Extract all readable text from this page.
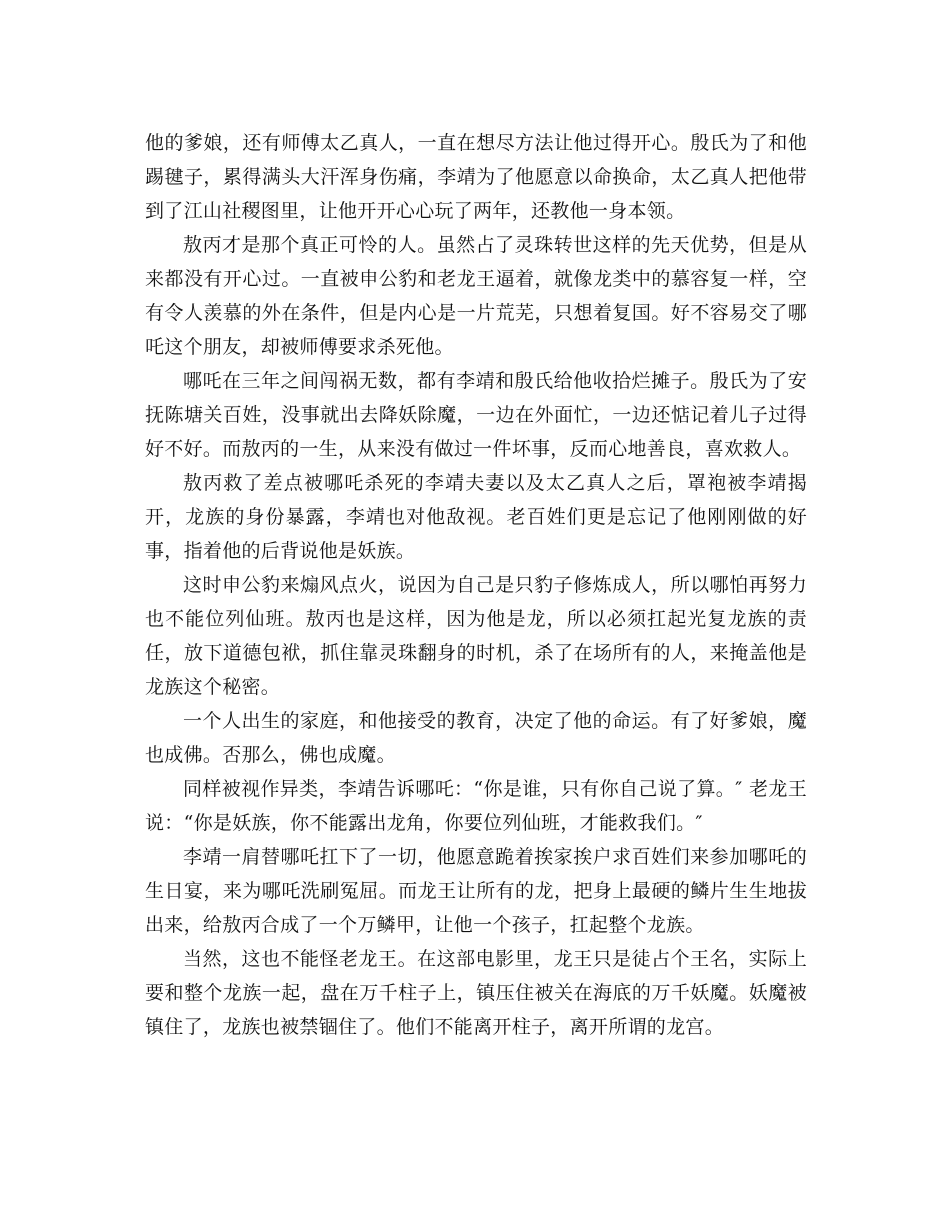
他的爹娘，还有师傅太乙真人，一直在想尽方法让他过得开心。殷氏为了和他踢毽子，累得满头大汗浑身伤痛，李靖为了他愿意以命换命，太乙真人把他带到了江山社稷图里，让他开开心心玩了两年，还教他一身本领。

敖丙才是那个真正可怜的人。虽然占了灵珠转世这样的先天优势，但是从来都没有开心过。一直被申公豹和老龙王逼着，就像龙类中的慕容复一样，空有令人羡慕的外在条件，但是内心是一片荒芜，只想着复国。好不容易交了哪吒这个朋友，却被师傅要求杀死他。

哪吒在三年之间闯祸无数，都有李靖和殷氏给他收拾烂摊子。殷氏为了安抚陈塘关百姓，没事就出去降妖除魔，一边在外面忙，一边还惦记着儿子过得好不好。而敖丙的一生，从来没有做过一件坏事，反而心地善良，喜欢救人。

敖丙救了差点被哪吒杀死的李靖夫妻以及太乙真人之后，罩袍被李靖揭开，龙族的身份暴露，李靖也对他敌视。老百姓们更是忘记了他刚刚做的好事，指着他的后背说他是妖族。

这时申公豹来煽风点火，说因为自己是只豹子修炼成人，所以哪怕再努力也不能位列仙班。敖丙也是这样，因为他是龙，所以必须扛起光复龙族的责任，放下道德包袱，抓住靠灵珠翻身的时机，杀了在场所有的人，来掩盖他是龙族这个秘密。

一个人出生的家庭，和他接受的教育，决定了他的命运。有了好爹娘，魔也成佛。否那么，佛也成魔。

同样被视作异类，李靖告诉哪吒：“你是谁，只有你自己说了算。″ 老龙王说：“你是妖族，你不能露出龙角，你要位列仙班，才能救我们。″

李靖一肩替哪吒扛下了一切，他愿意跪着挨家挨户求百姓们来参加哪吒的生日宴，来为哪吒洗刷冤屈。而龙王让所有的龙，把身上最硬的鳞片生生地拔出来，给敖丙合成了一个万鳞甲，让他一个孩子，扛起整个龙族。

当然，这也不能怪老龙王。在这部电影里，龙王只是徒占个王名，实际上要和整个龙族一起，盘在万千柱子上，镇压住被关在海底的万千妖魔。妖魔被镇住了，龙族也被禁锢住了。他们不能离开柱子，离开所谓的龙宫。
